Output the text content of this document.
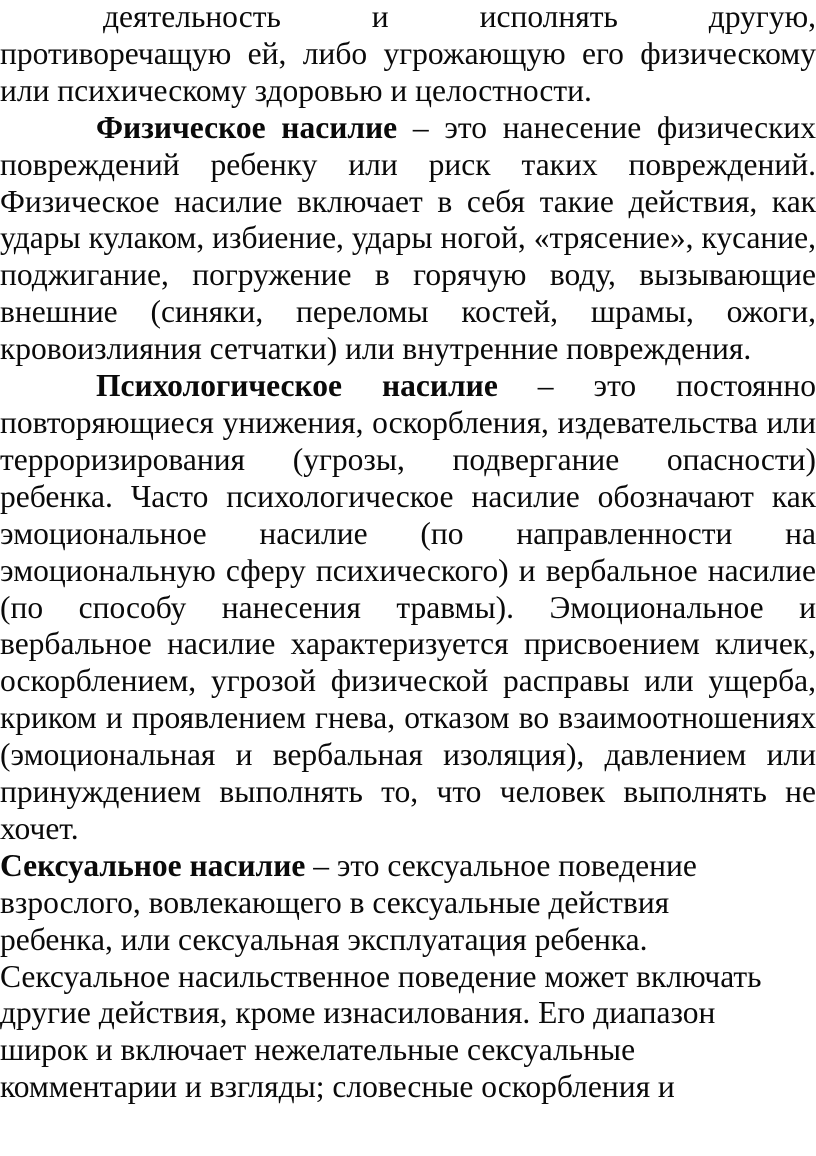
деятельность и исполнять другую,

противоречащую ей, либо угрожающую его физическому или психическому здоровью и целостности.

Физическое насилие – это нанесение физических повреждений ребенку или риск таких повреждений. Физическое насилие включает в себя такие действия, как удары кулаком, избиение, удары ногой, «трясение», кусание, поджигание, погружение в горячую воду, вызывающие внешние (синяки, переломы костей, шрамы, ожоги, кровоизлияния сетчатки) или внутренние повреждения.

Психологическое насилие – это постоянно повторяющиеся унижения, оскорбления, издевательства или терроризирования (угрозы, подвергание опасности) ребенка. Часто психологическое насилие обозначают как эмоциональное насилие (по направленности на эмоциональную сферу психического) и вербальное насилие (по способу нанесения травмы). Эмоциональное и вербальное насилие характеризуется присвоением кличек, оскорблением, угрозой физической расправы или ущерба, криком и проявлением гнева, отказом во взаимоотношениях (эмоциональная и вербальная изоляция), давлением или принуждением выполнять то, что человек выполнять не хочет.

Сексуальное насилие – это сексуальное поведение
взрослого, вовлекающего в сексуальные действия
ребенка, или сексуальная эксплуатация ребенка.
Сексуальное насильственное поведение может включать
другие действия, кроме изнасилования. Его диапазон
широк и включает нежелательные сексуальные
комментарии и взгляды; словесные оскорбления и
